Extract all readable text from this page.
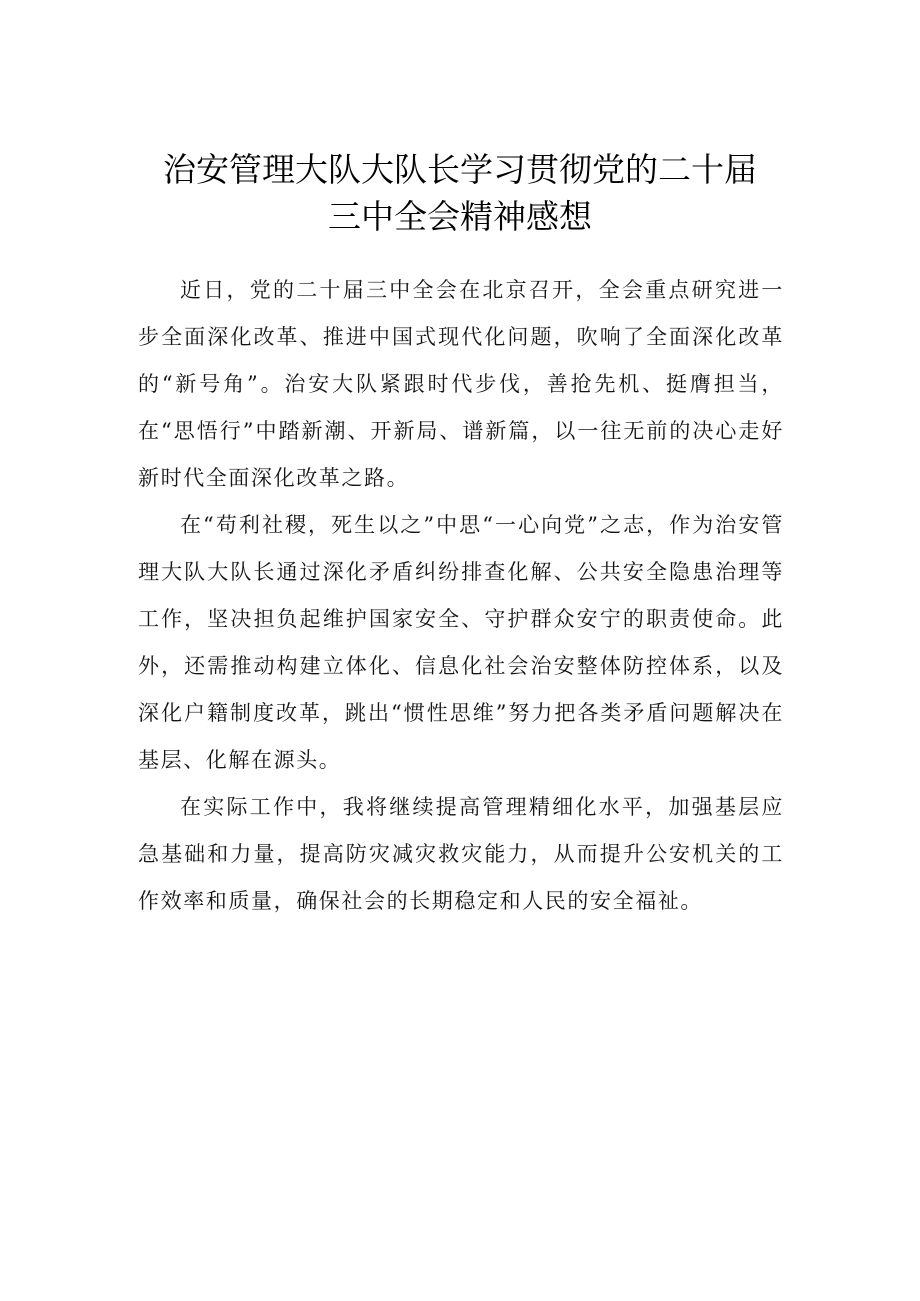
治安管理大队大队长学习贯彻党的二十届
三中全会精神感想

近日，党的二十届三中全会在北京召开，全会重点研究进一步全面深化改革、推进中国式现代化问题，吹响了全面深化改革的“新号角”。治安大队紧跟时代步伐，善抢先机、挺膺担当，在“思悟行”中踏新潮、开新局、谱新篇，以一往无前的决心走好新时代全面深化改革之路。

在“苟利社稷，死生以之”中思“一心向党”之志，作为治安管理大队大队长通过深化矛盾纠纷排查化解、公共安全隐患治理等工作，坚决担负起维护国家安全、守护群众安宁的职责使命。此外，还需推动构建立体化、信息化社会治安整体防控体系，以及深化户籍制度改革，跳出“惯性思维”努力把各类矛盾问题解决在基层、化解在源头。

在实际工作中，我将继续提高管理精细化水平，加强基层应急基础和力量，提高防灾减灾救灾能力，从而提升公安机关的工作效率和质量，确保社会的长期稳定和人民的安全福祉。
